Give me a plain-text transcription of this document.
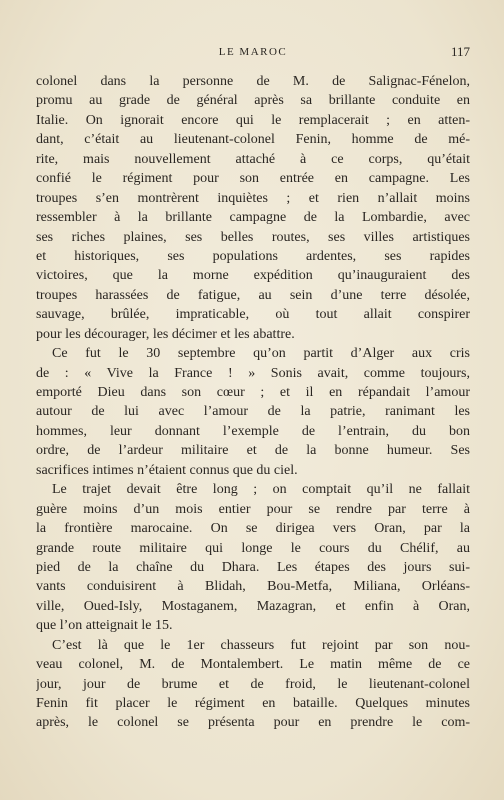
LE MAROC	117
colonel dans la personne de M. de Salignac-Fénelon,
promu au grade de général après sa brillante conduite en
Italie. On ignorait encore qui le remplacerait ; en atten-
dant, c’était au lieutenant-colonel Fenin, homme de mé-
rite, mais nouvellement attaché à ce corps, qu’était
confié le régiment pour son entrée en campagne. Les
troupes s’en montrèrent inquiètes ; et rien n’allait moins
ressembler à la brillante campagne de la Lombardie, avec
ses riches plaines, ses belles routes, ses villes artistiques
et historiques, ses populations ardentes, ses rapides
victoires, que la morne expédition qu’inauguraient des
troupes harassées de fatigue, au sein d’une terre désolée,
sauvage, brûlée, impraticable, où tout allait conspirer
pour les décourager, les décimer et les abattre.
Ce fut le 30 septembre qu’on partit d’Alger aux cris
de : « Vive la France ! » Sonis avait, comme toujours,
emporté Dieu dans son cœur ; et il en répandait l’amour
autour de lui avec l’amour de la patrie, ranimant les
hommes, leur donnant l’exemple de l’entrain, du bon
ordre, de l’ardeur militaire et de la bonne humeur. Ses
sacrifices intimes n’étaient connus que du ciel.
Le trajet devait être long ; on comptait qu’il ne fallait
guère moins d’un mois entier pour se rendre par terre à
la frontière marocaine. On se dirigea vers Oran, par la
grande route militaire qui longe le cours du Chélif, au
pied de la chaîne du Dhara. Les étapes des jours sui-
vants conduisirent à Blidah, Bou-Metfa, Miliana, Orléans-
ville, Oued-Isly, Mostaganem, Mazagran, et enfin à Oran,
que l’on atteignait le 15.
C’est là que le 1er chasseurs fut rejoint par son nou-
veau colonel, M. de Montalembert. Le matin même de ce
jour, jour de brume et de froid, le lieutenant-colonel
Fenin fit placer le régiment en bataille. Quelques minutes
après, le colonel se présenta pour en prendre le com-
